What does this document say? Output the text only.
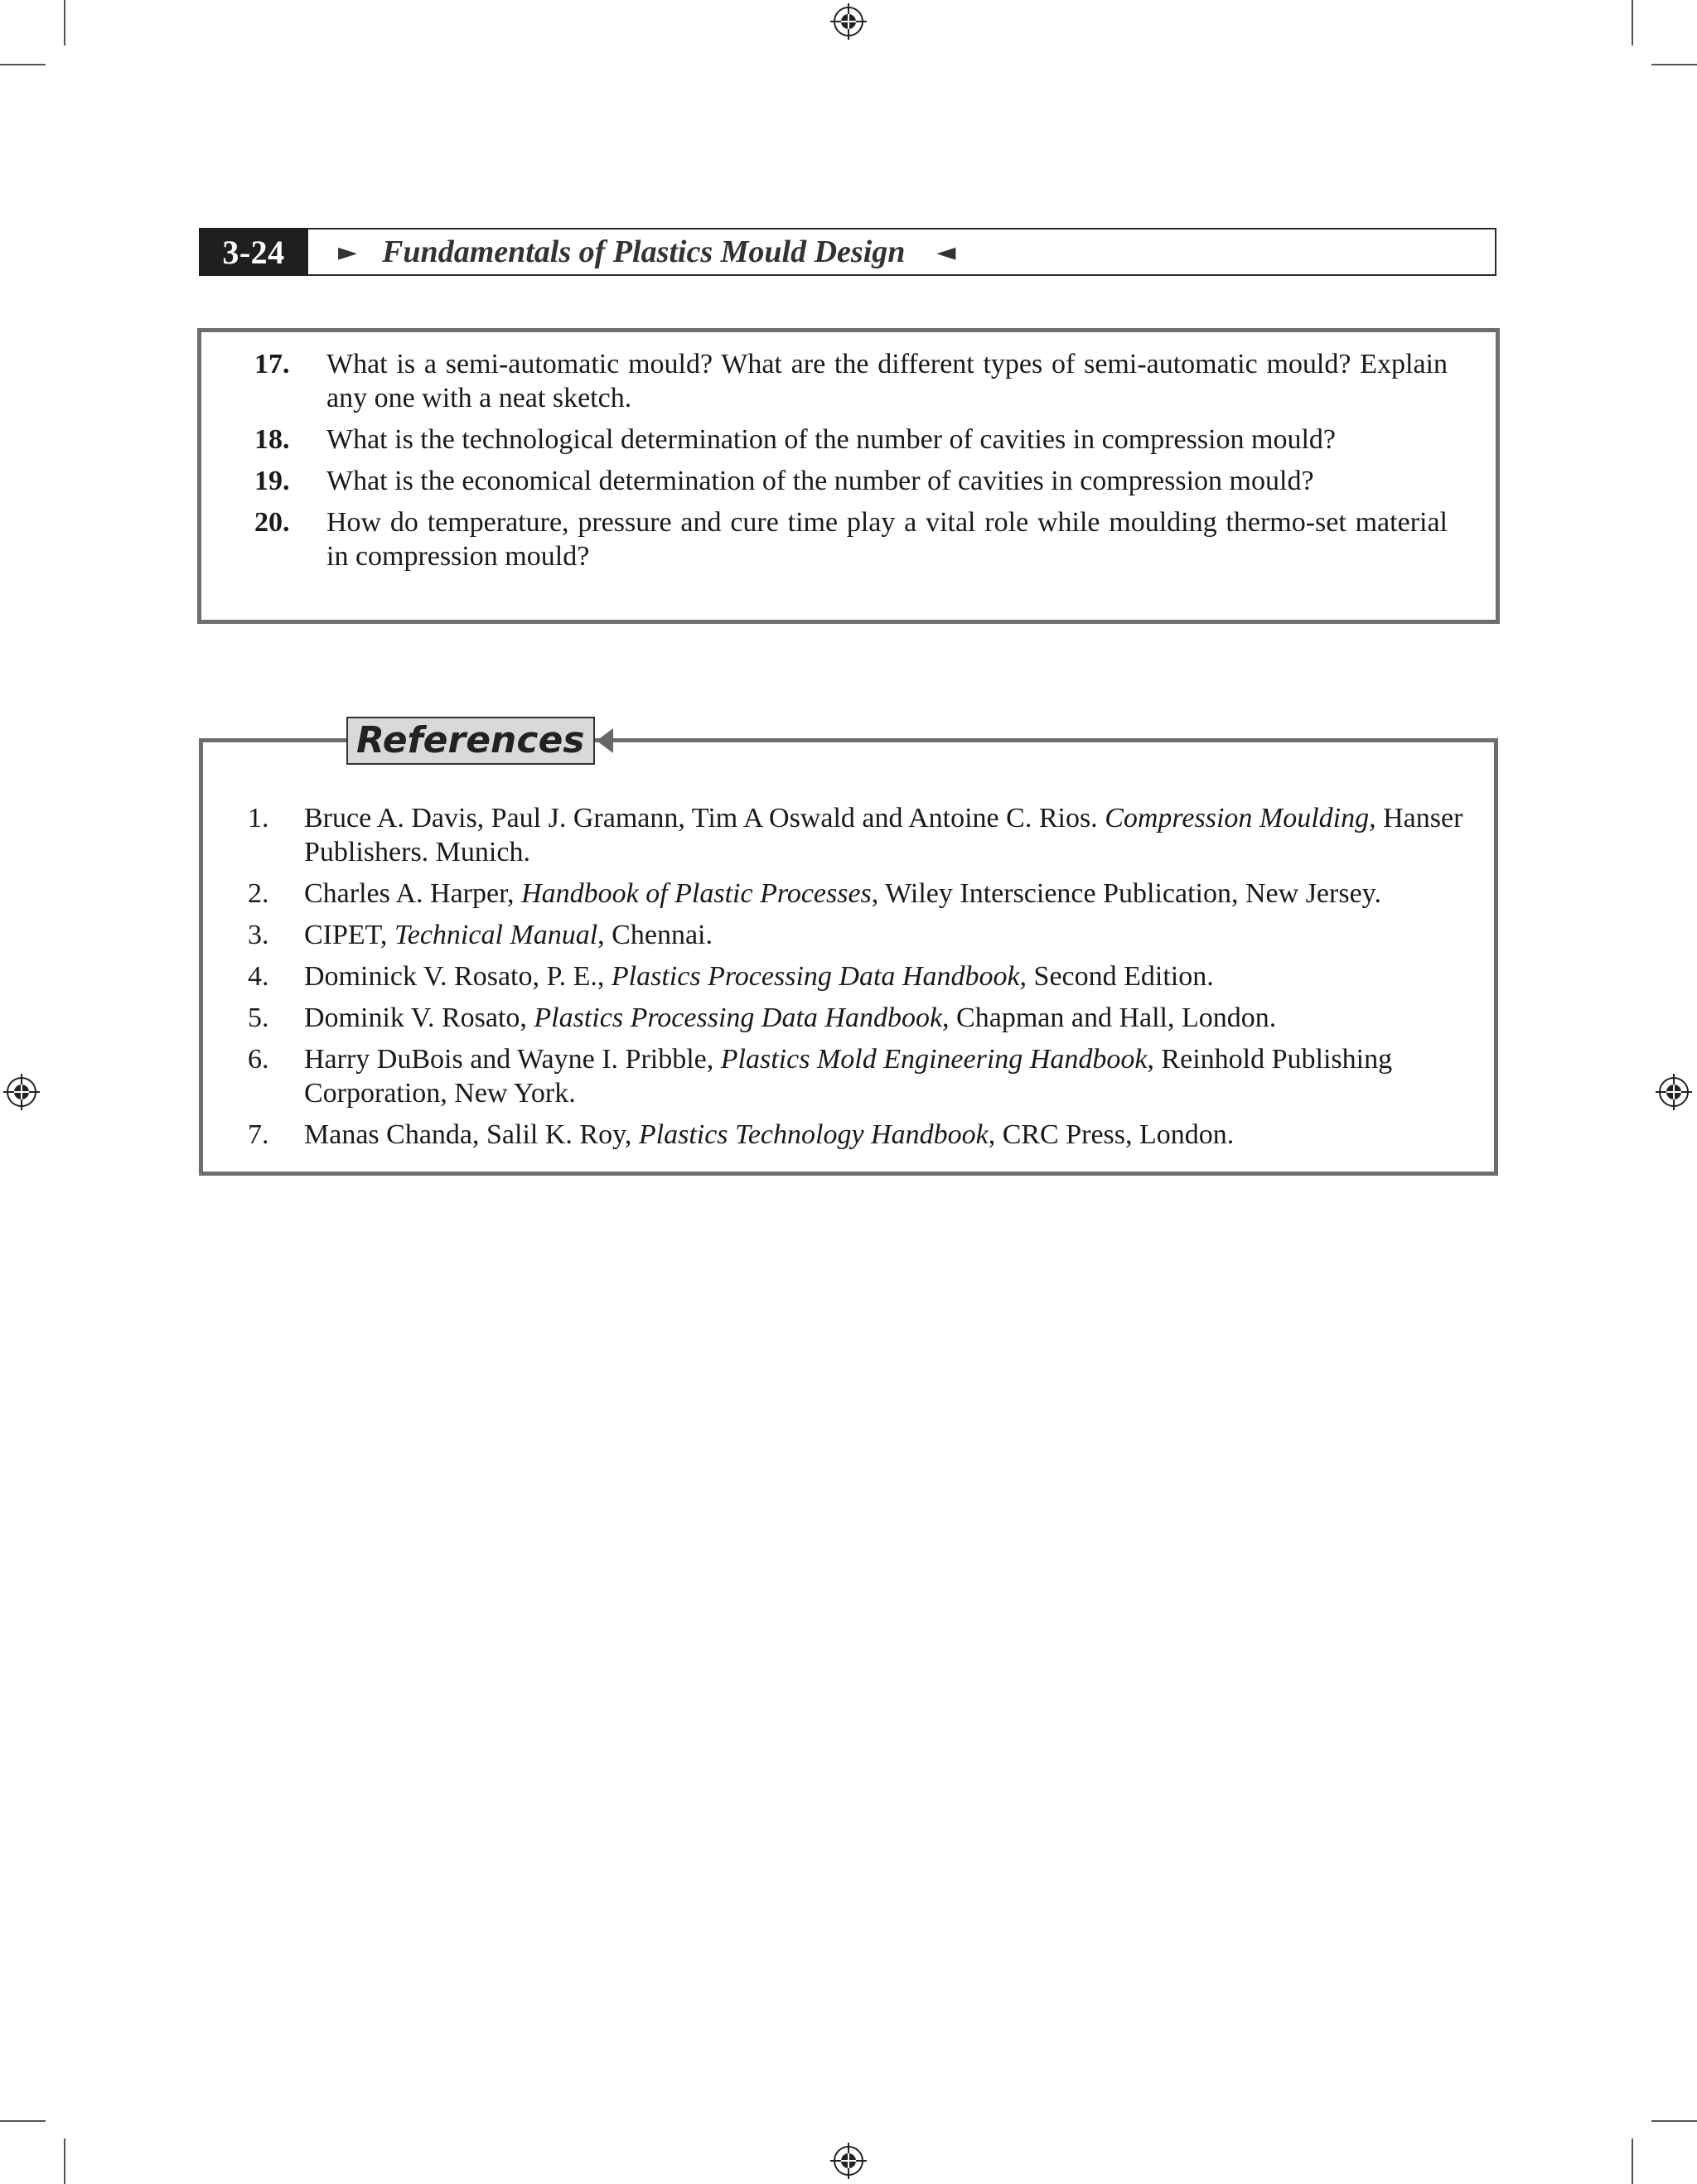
3-24	► Fundamentals of Plastics Mould Design ◄
17.	What is a semi-automatic mould? What are the different types of semi-automatic mould? Explain any one with a neat sketch.
18.	What is the technological determination of the number of cavities in compression mould?
19.	What is the economical determination of the number of cavities in compression mould?
20.	How do temperature, pressure and cure time play a vital role while moulding thermo-set material in compression mould?
References
1.	Bruce A. Davis, Paul J. Gramann, Tim A Oswald and Antoine C. Rios. Compression Moulding, Hanser Publishers. Munich.
2.	Charles A. Harper, Handbook of Plastic Processes, Wiley Interscience Publication, New Jersey.
3.	CIPET, Technical Manual, Chennai.
4.	Dominick V. Rosato, P. E., Plastics Processing Data Handbook, Second Edition.
5.	Dominik V. Rosato, Plastics Processing Data Handbook, Chapman and Hall, London.
6.	Harry DuBois and Wayne I. Pribble, Plastics Mold Engineering Handbook, Reinhold Publishing Corporation, New York.
7.	Manas Chanda, Salil K. Roy, Plastics Technology Handbook, CRC Press, London.
